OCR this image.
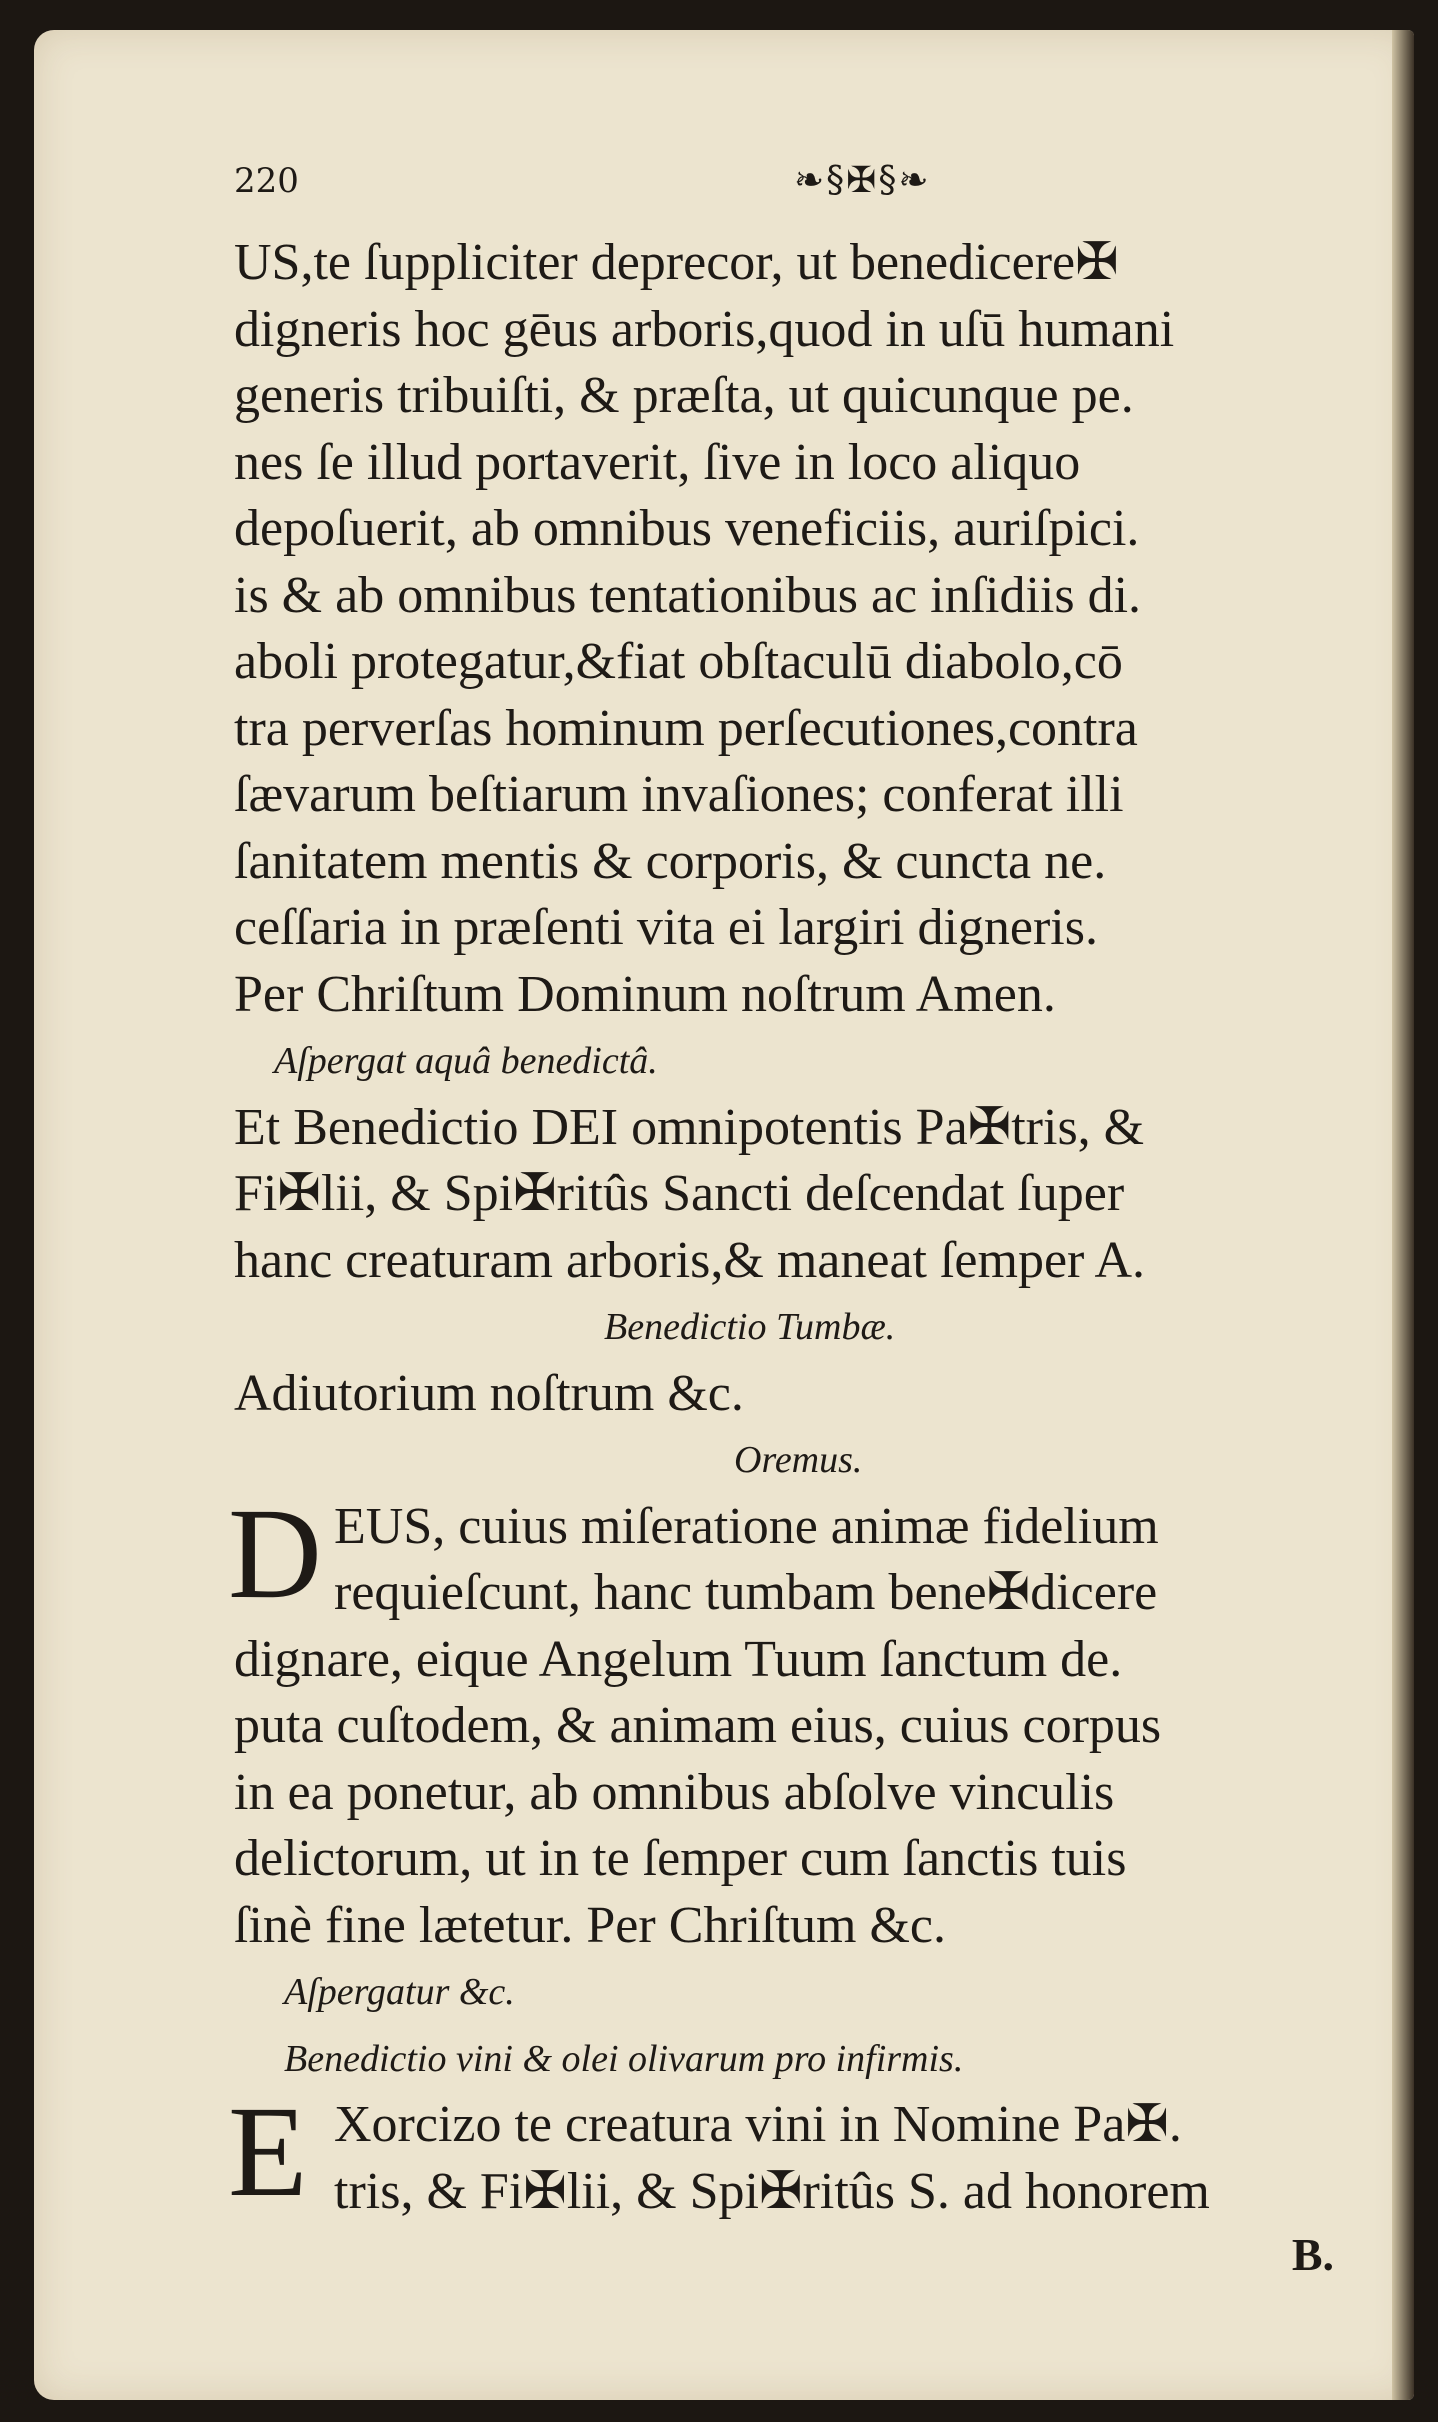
220	❧§✠§❧
US,te ſuppliciter deprecor, ut benedicere✠
digneris hoc gēus arboris,quod in uſū humani
generis tribuiſti, & præſta, ut quicunque pe.
nes ſe illud portaverit, ſive in loco aliquo
depoſuerit, ab omnibus veneficiis, auriſpici.
is & ab omnibus tentationibus ac inſidiis di.
aboli protegatur,&fiat obſtaculū diabolo,cō
tra perverſas hominum perſecutiones,contra
ſævarum beſtiarum invaſiones; conferat illi
ſanitatem mentis & corporis, & cuncta ne.
ceſſaria in præſenti vita ei largiri digneris.
Per Chriſtum Dominum noſtrum Amen.
Aſpergat aquâ benedictâ.
Et Benedictio DEI omnipotentis Pa✠tris, &
Fi✠lii, & Spi✠ritûs Sancti deſcendat ſuper
hanc creaturam arboris,& maneat ſemper A.
Benedictio Tumbæ.
Adiutorium noſtrum &c.
Oremus.
D EUS, cuius miſeratione animæ fidelium
requieſcunt, hanc tumbam bene✠dicere
dignare, eique Angelum Tuum ſanctum de.
puta cuſtodem, & animam eius, cuius corpus
in ea ponetur, ab omnibus abſolve vinculis
delictorum, ut in te ſemper cum ſanctis tuis
ſinè fine lætetur. Per Chriſtum &c.
Aſpergatur &c.
Benedictio vini & olei olivarum pro infirmis.
E Xorcizo te creatura vini in Nomine Pa✠.
tris, & Fi✠lii, & Spi✠ritûs S. ad honorem
B.
